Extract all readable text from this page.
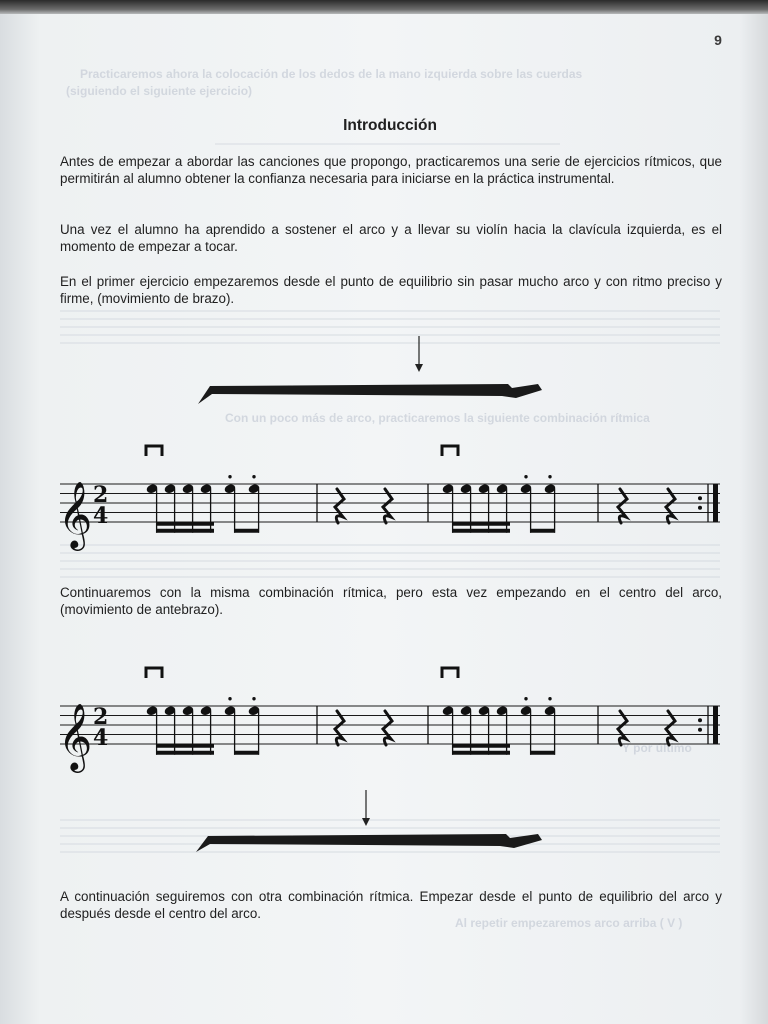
Practicaremos ahora la colocación de los dedos de la mano izquierda sobre las cuerdas
(siguiendo el siguiente ejercicio)
Con un poco más de arco, practicaremos la siguiente combinación rítmica
Y por último
Al repetir empezaremos arco arriba ( V )
9
Introducción

Antes de empezar a abordar las canciones que propongo, practicaremos una serie de ejercicios rítmicos, que permitirán al alumno obtener la confianza necesaria para iniciarse en la práctica instrumental.

Una vez el alumno ha aprendido a sostener el arco y a llevar su violín hacia la clavícula izquierda, es el momento de empezar a tocar.

En el primer ejercicio empezaremos desde el punto de equilibrio sin pasar mucho arco y con ritmo preciso y firme, (movimiento de brazo).

Continuaremos con la misma combinación rítmica, pero esta vez empezando en el centro del arco, (movimiento de antebrazo).

A continuación seguiremos con otra combinación rítmica. Empezar desde el punto de equilibrio del arco y después desde el centro del arco.

𝄞 2
4
𝄞 2
4
